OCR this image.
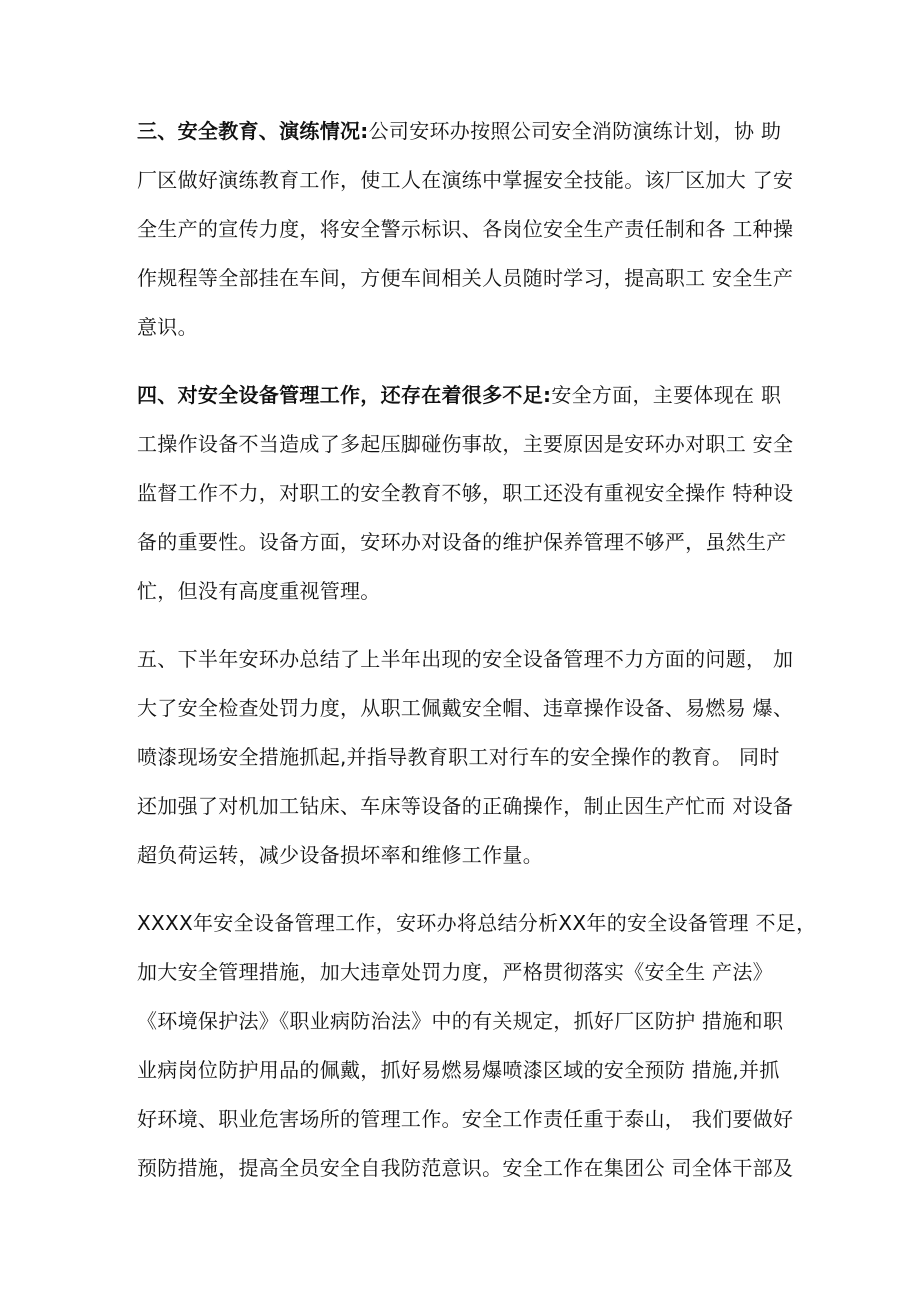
三、安全教育、演练情况:公司安环办按照公司安全消防演练计划，协 助
厂区做好演练教育工作，使工人在演练中掌握安全技能。该厂区加大 了安
全生产的宣传力度，将安全警示标识、各岗位安全生产责任制和各 工种操
作规程等全部挂在车间，方便车间相关人员随时学习，提高职工 安全生产
意识。
四、对安全设备管理工作，还存在着很多不足:安全方面，主要体现在 职
工操作设备不当造成了多起压脚碰伤事故，主要原因是安环办对职工 安全
监督工作不力，对职工的安全教育不够，职工还没有重视安全操作 特种设
备的重要性。设备方面，安环办对设备的维护保养管理不够严，虽然生产
忙，但没有高度重视管理。
五、下半年安环办总结了上半年出现的安全设备管理不力方面的问题， 加
大了安全检查处罚力度，从职工佩戴安全帽、违章操作设备、易燃易 爆、
喷漆现场安全措施抓起,并指导教育职工对行车的安全操作的教育。 同时
还加强了对机加工钻床、车床等设备的正确操作，制止因生产忙而 对设备
超负荷运转，减少设备损坏率和维修工作量。
XXXX年安全设备管理工作，安环办将总结分析XX年的安全设备管理 不足，
加大安全管理措施，加大违章处罚力度，严格贯彻落实《安全生 产法》
《环境保护法》《职业病防治法》中的有关规定，抓好厂区防护 措施和职
业病岗位防护用品的佩戴，抓好易燃易爆喷漆区域的安全预防 措施,并抓
好环境、职业危害场所的管理工作。安全工作责任重于泰山， 我们要做好
预防措施，提高全员安全自我防范意识。安全工作在集团公 司全体干部及
